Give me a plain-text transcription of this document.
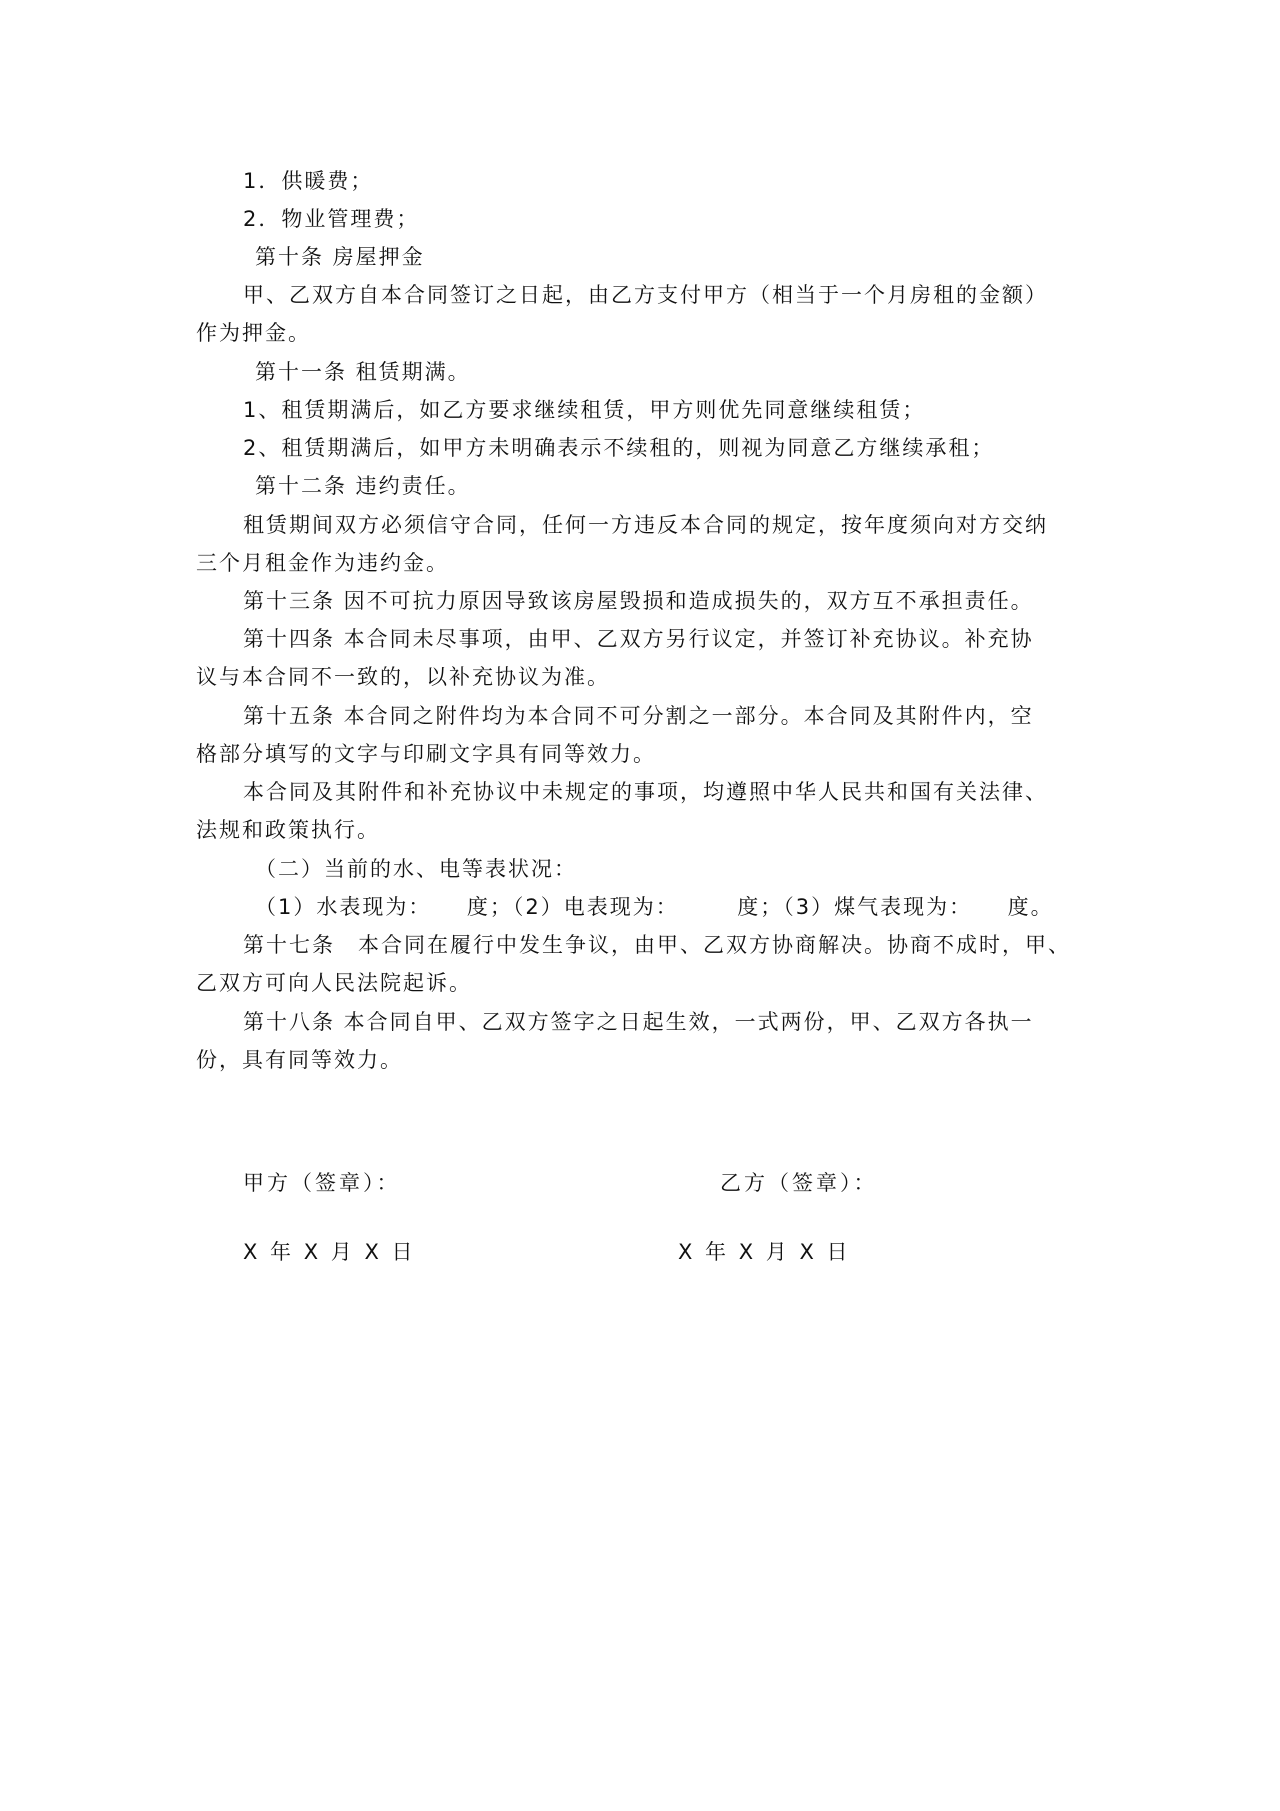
1．供暖费；
2．物业管理费；
第十条 房屋押金
甲、乙双方自本合同签订之日起，由乙方支付甲方（相当于一个月房租的金额）
作为押金。
第十一条 租赁期满。
1、租赁期满后，如乙方要求继续租赁，甲方则优先同意继续租赁；
2、租赁期满后，如甲方未明确表示不续租的，则视为同意乙方继续承租；
第十二条 违约责任。
租赁期间双方必须信守合同，任何一方违反本合同的规定，按年度须向对方交纳
三个月租金作为违约金。
第十三条 因不可抗力原因导致该房屋毁损和造成损失的，双方互不承担责任。
第十四条 本合同未尽事项，由甲、乙双方另行议定，并签订补充协议。补充协
议与本合同不一致的，以补充协议为准。
第十五条 本合同之附件均为本合同不可分割之一部分。本合同及其附件内，空
格部分填写的文字与印刷文字具有同等效力。
本合同及其附件和补充协议中未规定的事项，均遵照中华人民共和国有关法律、
法规和政策执行。
（二）当前的水、电等表状况：
（1）水表现为：　　度；（2）电表现为：　　　度；（3）煤气表现为：　　度。
第十七条　本合同在履行中发生争议，由甲、乙双方协商解决。协商不成时，甲、
乙双方可向人民法院起诉。
第十八条 本合同自甲、乙双方签字之日起生效，一式两份，甲、乙双方各执一
份，具有同等效力。
甲方（签章）：	乙方（签章）：
X 年 X 月 X 日	X 年 X 月 X 日
